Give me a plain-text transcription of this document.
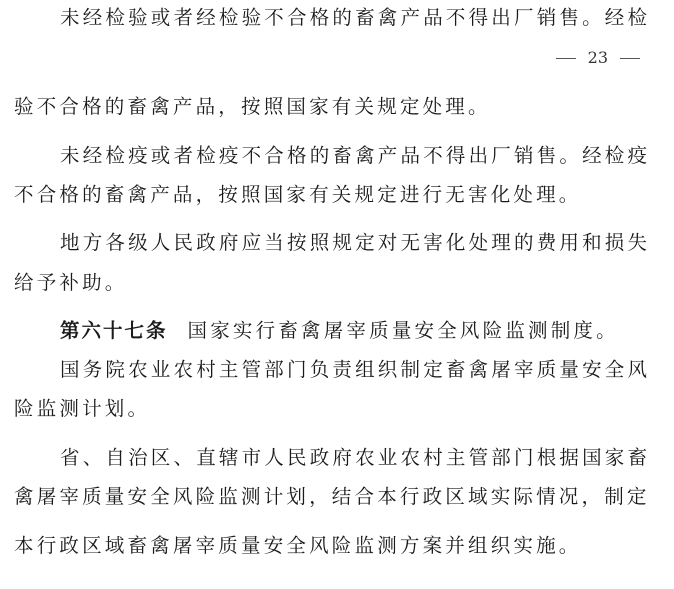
未经检验或者经检验不合格的畜禽产品不得出厂销售。经检
23
验不合格的畜禽产品，按照国家有关规定处理。
未经检疫或者检疫不合格的畜禽产品不得出厂销售。经检疫
不合格的畜禽产品，按照国家有关规定进行无害化处理。
地方各级人民政府应当按照规定对无害化处理的费用和损失
给予补助。
第六十七条 国家实行畜禽屠宰质量安全风险监测制度。
国务院农业农村主管部门负责组织制定畜禽屠宰质量安全风
险监测计划。
省、自治区、直辖市人民政府农业农村主管部门根据国家畜
禽屠宰质量安全风险监测计划，结合本行政区域实际情况，制定
本行政区域畜禽屠宰质量安全风险监测方案并组织实施。
